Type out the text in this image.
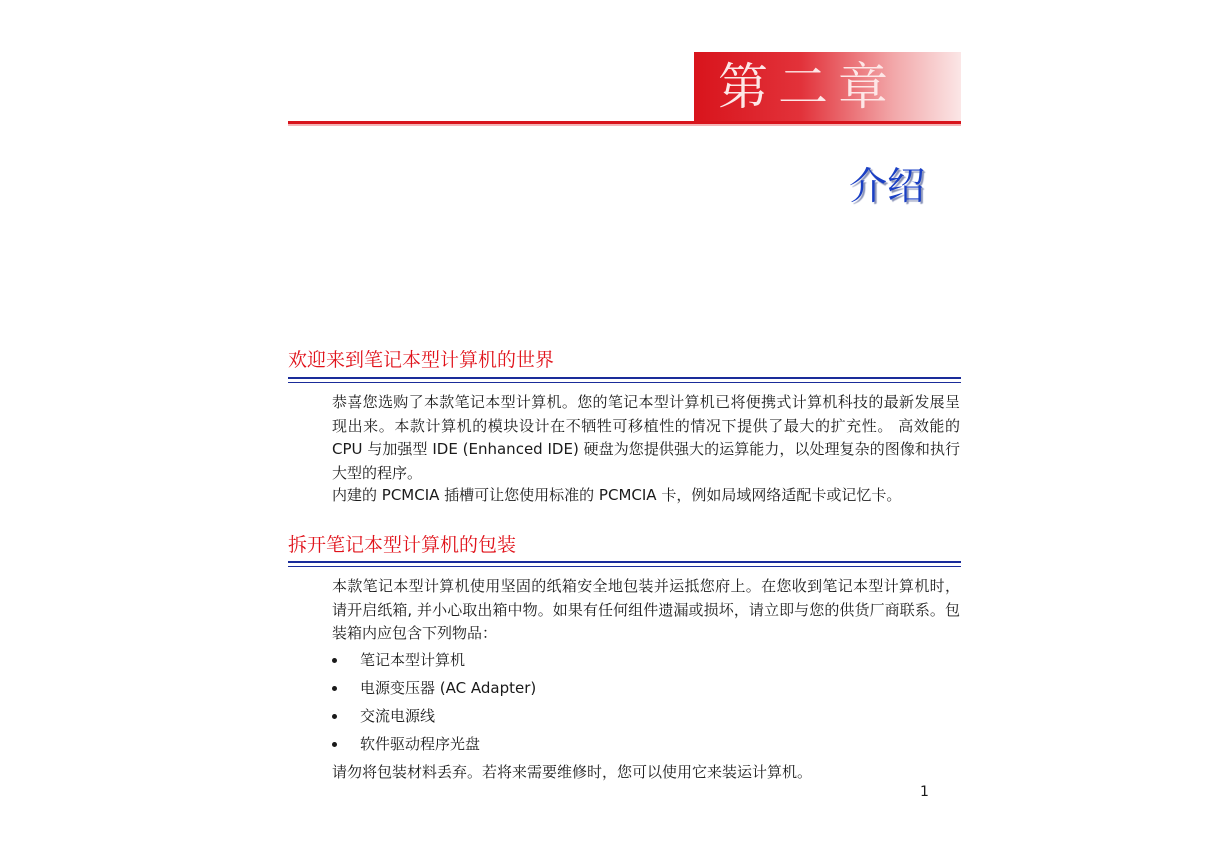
第二章
介绍
欢迎来到笔记本型计算机的世界

恭喜您选购了本款笔记本型计算机。您的笔记本型计算机已将便携式计算机科技的最新发展呈现出来。本款计算机的模块设计在不牺牲可移植性的情况下提供了最大的扩充性。 高效能的 CPU 与加强型 IDE (Enhanced IDE) 硬盘为您提供强大的运算能力，以处理复杂的图像和执行大型的程序。

内建的 PCMCIA 插槽可让您使用标准的 PCMCIA 卡，例如局域网络适配卡或记忆卡。

拆开笔记本型计算机的包装

本款笔记本型计算机使用坚固的纸箱安全地包装并运抵您府上。在您收到笔记本型计算机时，请开启纸箱, 并小心取出箱中物。如果有任何组件遗漏或损坏，请立即与您的供货厂商联系。包装箱内应包含下列物品：

笔记本型计算机
电源变压器 (AC Adapter)
交流电源线
软件驱动程序光盘

请勿将包装材料丢弃。若将来需要维修时，您可以使用它来装运计算机。

1
